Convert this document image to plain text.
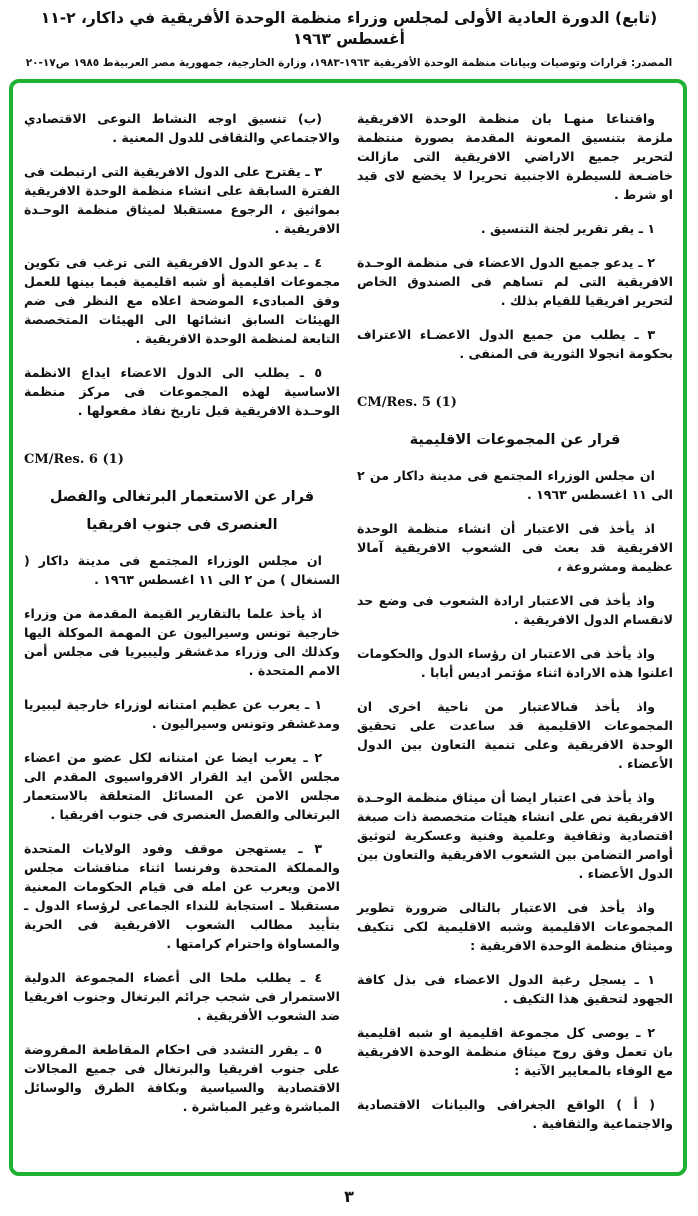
(تابع) الدورة العادية الأولى لمجلس وزراء منظمة الوحدة الأفريقية في داكار، ٢-١١ أغسطس ١٩٦٣

المصدر: قرارات وتوصيات وبيانات منظمة الوحدة الأفريقية ١٩٦٣-١٩٨٣، وزارة الخارجية، جمهورية مصر العربيةط ١٩٨٥ ص١٧-٢٠

واقتناعا منهـا بان منظمة الوحدة الافريقية ملزمة بتنسيق المعونة المقدمة بصورة منتظمة لتحرير جميع الاراضي الافريقية التى مازالت خاضـعة للسيطرة الاجنبية تحريرا لا يخضع لاى قيد او شرط .

١ ـ يقر تقرير لجنة التنسيق .

٢ ـ يدعو جميع الدول الاعضاء فى منظمة الوحـدة الافريقية التى لم تساهم فى الصندوق الخاص لتحرير افريقيا للقيام بذلك .

٣ ـ يطلب من جميع الدول الاعضـاء الاعتراف بحكومة انجولا الثورية فى المنفى .

CM/Res. 5 (1)

قرار عن المجموعات الاقليمية

ان مجلس الوزراء المجتمع فى مدينة داكار من ٢ الى ١١ اغسطس ١٩٦٣ .

اذ يأخذ فى الاعتبار أن انشاء منظمة الوحدة الافريقية قد بعث فى الشعوب الافريقية آمالا عظيمة ومشروعة ،

واذ يأخذ فى الاعتبار ارادة الشعوب فى وضع حد لانقسام الدول الافريقية .

واذ يأخذ فى الاعتبار ان رؤساء الدول والحكومات اعلنوا هذه الارادة اثناء مؤتمر اديس أبابا .

واذ يأخذ فىالاعتبار من ناحية اخرى ان المجموعات الاقليمية قد ساعدت على تحقيق الوحدة الافريقية وعلى تنمية التعاون بين الدول الأعضاء .

واذ يأخذ فى اعتبار ايضا أن ميثاق منظمة الوحـدة الافريقية نص على انشاء هيئات متخصصة ذات صبغة اقتصادية وثقافية وعلمية وفنية وعسكرية لتوثيق أواصر التضامن بين الشعوب الافريقية والتعاون بين الدول الأعضاء .

واذ يأخذ فى الاعتبار بالتالى ضرورة تطوير المجموعات الاقليمية وشبه الاقليمية لكى تتكيف وميثاق منظمة الوحدة الافريقية :

١ ـ يسجل رغبة الدول الاعضاء فى بذل كافة الجهود لتحقيق هذا التكيف .

٢ ـ يوصى كل مجموعة اقليمية او شبه اقليمية بان تعمل وفق روح ميثاق منظمة الوحدة الافريقية مع الوفاء بالمعايير الآتية :

( أ ) الواقع الجغرافى والبيانات الاقتصادية والاجتماعية والثقافية .

(ب) تنسيق اوجه النشاط النوعى الاقتصادي والاجتماعي والثقافى للدول المعنية .

٣ ـ يقترح على الدول الافريقية التى ارتبطت فى الفترة السابقة على انشاء منظمة الوحدة الافريقية بمواثيق ، الرجوع مستقبلا لميثاق منظمة الوحـدة الافريقية .

٤ ـ يدعو الدول الافريقية التى ترغب فى تكوين مجموعات اقليمية أو شبه اقليمية فيما بينها للعمل وفق المبادىء الموضحة اعلاه مع النظر فى ضم الهيئات السابق انشائها الى الهيئات المتخصصة التابعة لمنظمة الوحدة الافريقية .

٥ ـ يطلب الى الدول الاعضاء ايداع الانظمة الاساسية لهذه المجموعات فى مركز منظمة الوحـدة الافريقية قبل تاريخ نفاذ مفعولها .

CM/Res. 6 (1)

قرار عن الاستعمار البرتغالى والفصل العنصرى فى جنوب افريقيا

ان مجلس الوزراء المجتمع فى مدينة داكار ( السنغال ) من ٢ الى ١١ اغسطس ١٩٦٣ .

اذ يأخذ علما بالتقارير القيمة المقدمة من وزراء خارجية تونس وسيراليون عن المهمة الموكلة اليها وكذلك الى وزراء مدغشقر وليبيريا فى مجلس أمن الامم المتحدة .

١ ـ يعرب عن عظيم امتنانه لوزراء خارجية ليبيريا ومدغشقر وتونس وسيراليون .

٢ ـ يعرب ايضا عن امتنانه لكل عضو من اعضاء مجلس الأمن ايد القرار الافرواسيوى المقدم الى مجلس الامن عن المسائل المتعلقة بالاستعمار البرتغالى والفصل العنصرى فى جنوب افريقيا .

٣ ـ يستهجن موقف وفود الولايات المتحدة والمملكة المتحدة وفرنسا اثناء مناقشات مجلس الامن ويعرب عن امله فى قيام الحكومات المعنية مستقبلا ـ استجابة للنداء الجماعى لرؤساء الدول ـ بتأييد مطالب الشعوب الافريقية فى الحرية والمساواة واحترام كرامتها .

٤ ـ يطلب ملحا الى أعضاء المجموعة الدولية الاستمرار فى شجب جرائم البرتغال وجنوب افريقيا ضد الشعوب الأفريقية .

٥ ـ يقرر التشدد فى احكام المقاطعة المفروضة على جنوب افريقيا والبرتغال فى جميع المجالات الاقتصادية والسياسية وبكافة الطرق والوسائل المباشرة وغير المباشرة .

٣
